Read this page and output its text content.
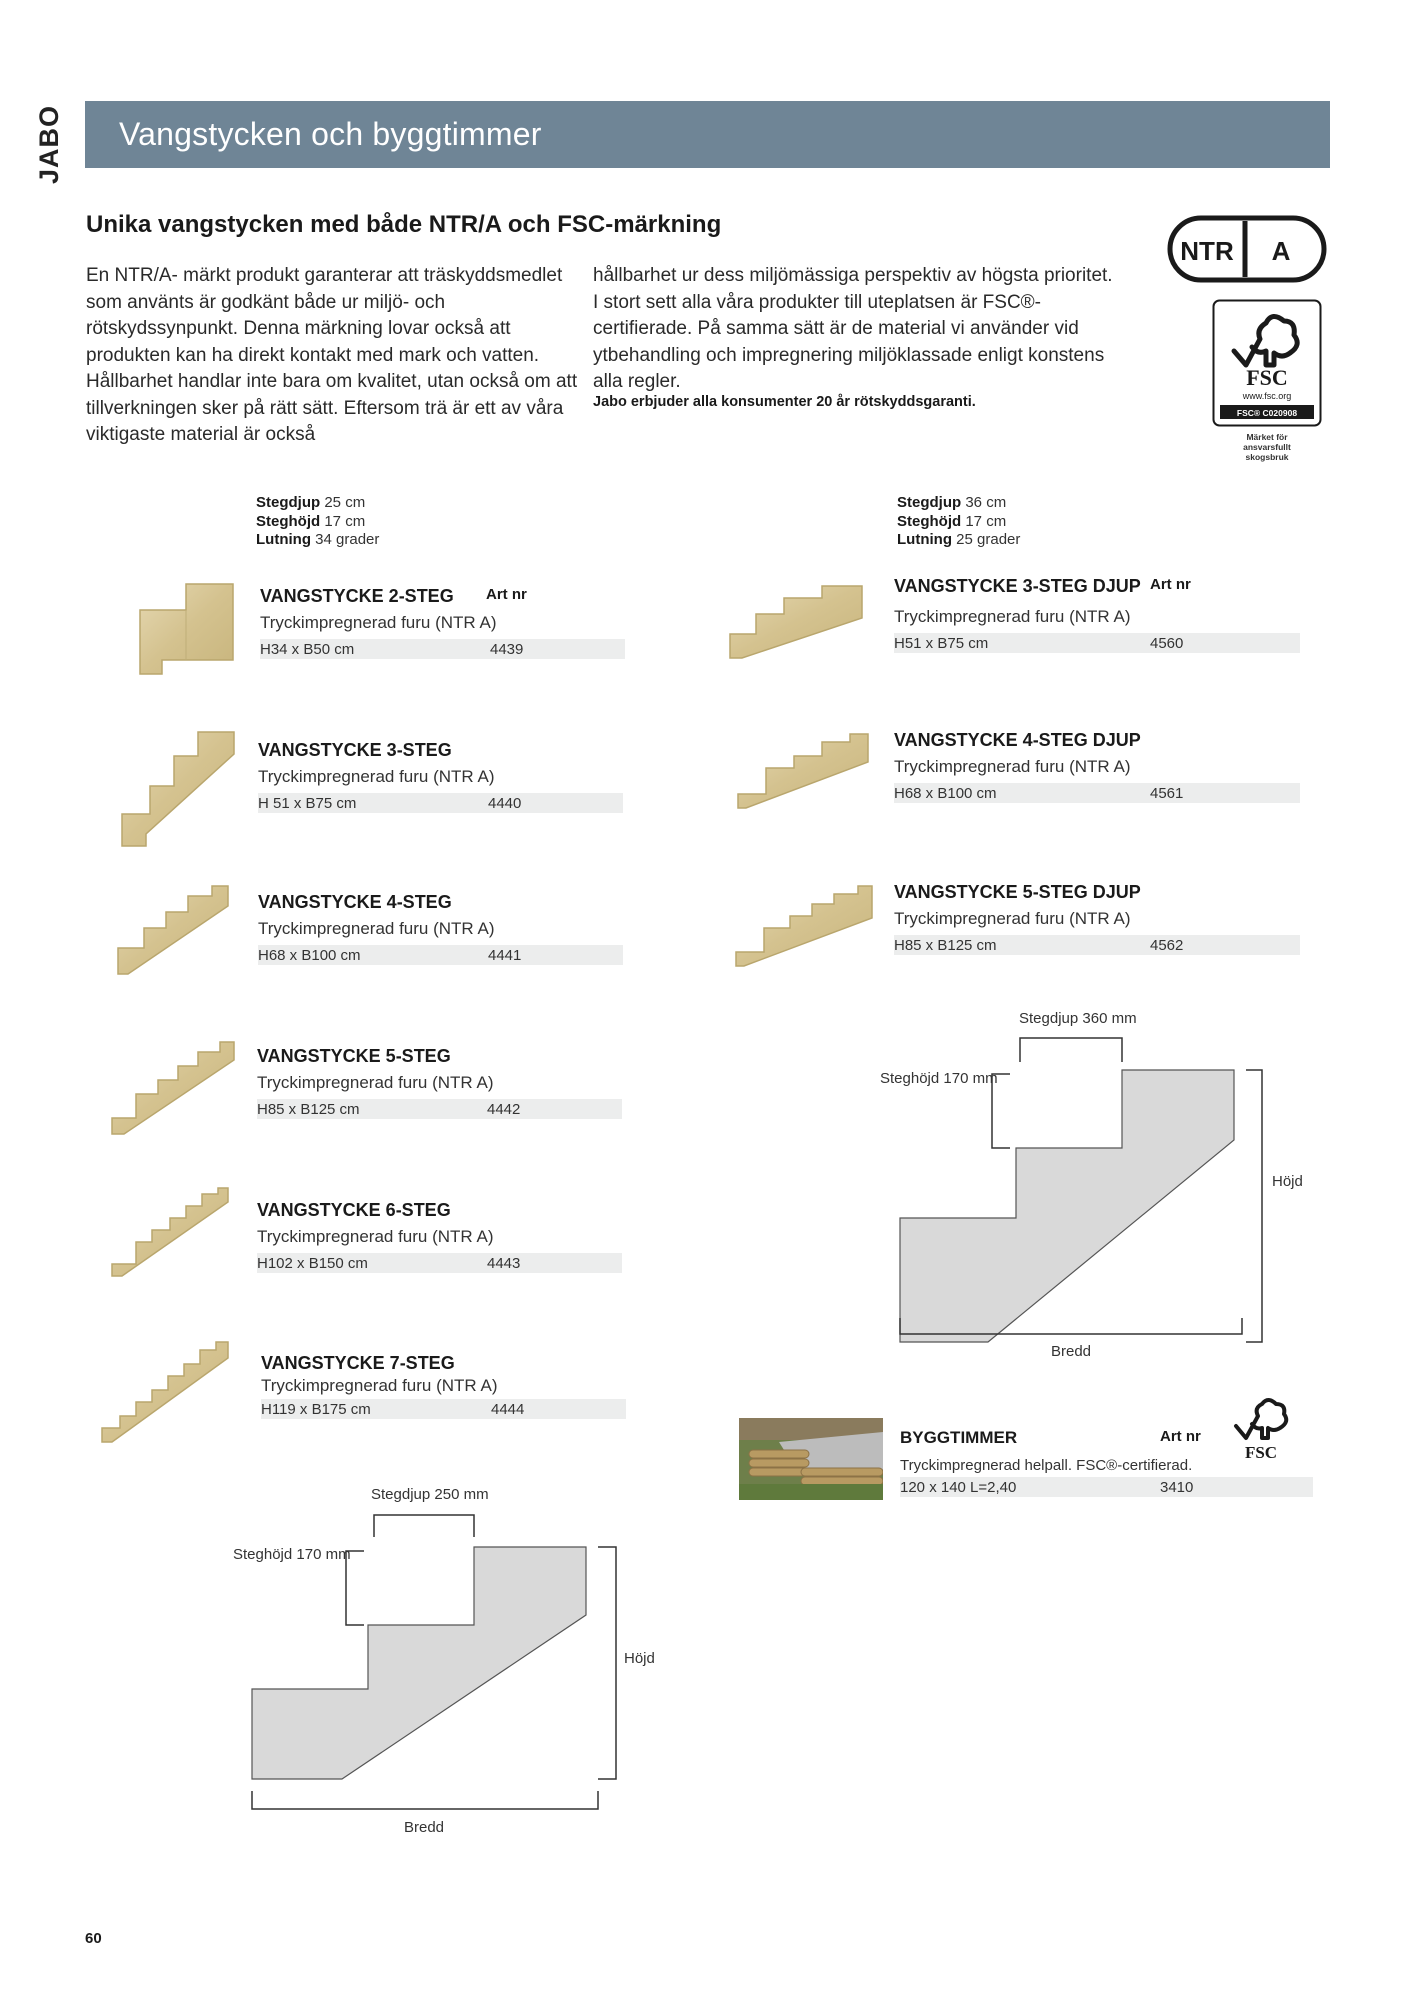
JABO Vangstycken och byggtimmer
Unika vangstycken med både NTR/A och FSC-märkning
En NTR/A- märkt produkt garanterar att träskyddsmedlet som använts är godkänt både ur miljö- och rötskydssynpunkt. Denna märkning lovar också att produkten kan ha direkt kontakt med mark och vatten. Hållbarhet handlar inte bara om kvalitet, utan också om att tillverkningen sker på rätt sätt. Eftersom trä är ett av våra viktigaste material är också
hållbarhet ur dess miljömässiga perspektiv av högsta prioritet. I stort sett alla våra produkter till uteplatsen är FSC®-certifierade. På samma sätt är de material vi använder vid ytbehandling och impregnering miljöklassade enligt konstens alla regler.
Jabo erbjuder alla konsumenter 20 år rötskyddsgaranti.
NTR A
FSC
www.fsc.org
FSC® C020908
Märket för ansvarsfullt skogsbruk
Stegdjup 25 cm
Steghöjd 17 cm
Lutning 34 grader
Stegdjup 36 cm
Steghöjd 17 cm
Lutning 25 grader
VANGSTYCKE 2-STEG	Art nr
Tryckimpregnerad furu (NTR A)
H34 x B50 cm	4439
VANGSTYCKE 3-STEG
Tryckimpregnerad furu (NTR A)
H 51 x B75 cm	4440
VANGSTYCKE 4-STEG
Tryckimpregnerad furu (NTR A)
H68 x B100 cm	4441
VANGSTYCKE 5-STEG
Tryckimpregnerad furu (NTR A)
H85 x B125 cm	4442
VANGSTYCKE 6-STEG
Tryckimpregnerad furu (NTR A)
H102 x B150 cm	4443
VANGSTYCKE 7-STEG
Tryckimpregnerad furu (NTR A)
H119 x B175 cm	4444
VANGSTYCKE 3-STEG DJUP Art nr
Tryckimpregnerad furu (NTR A)
H51 x B75 cm	4560
VANGSTYCKE 4-STEG DJUP
Tryckimpregnerad furu (NTR A)
H68 x B100 cm	4561
VANGSTYCKE 5-STEG DJUP
Tryckimpregnerad furu (NTR A)
H85 x B125 cm	4562
Stegdjup 360 mm
Steghöjd 170 mm
Höjd
Bredd
Stegdjup 250 mm
Steghöjd 170 mm
Höjd
Bredd
BYGGTIMMER	Art nr
Tryckimpregnerad helpall. FSC®-certifierad.
120 x 140 L=2,40	3410
FSC
60
